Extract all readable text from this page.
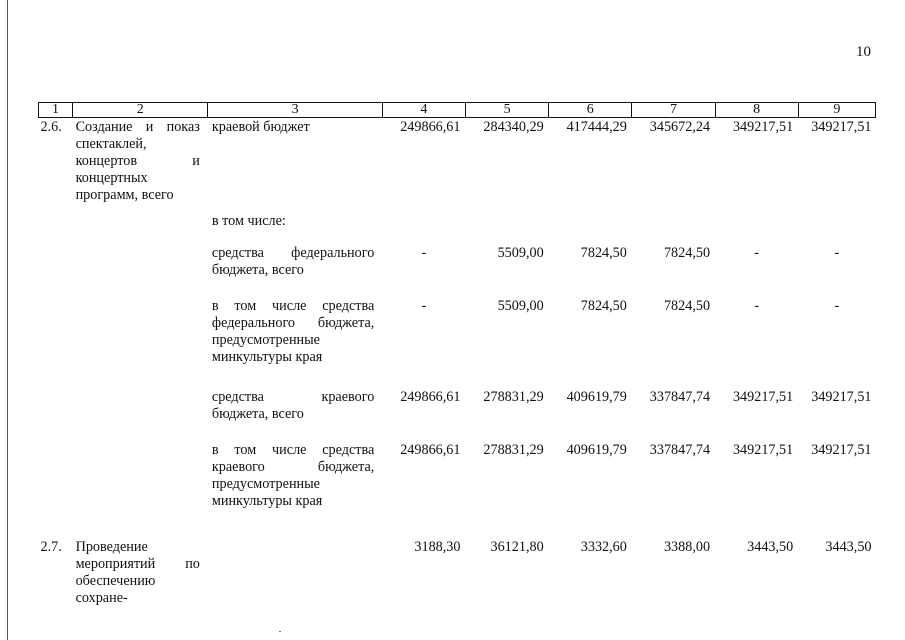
10
1	2	3	4	5	6	7	8	9
2.6.	Создание и показ спектаклей, концертов и концертных программ, всего	краевой бюджет	249866,61	284340,29	417444,29	345672,24	349217,51	349217,51

		в том числе:						

		средства федерального бюджета, всего	-	5509,00	7824,50	7824,50	-	-

		в том числе средства федерального бюджета, предусмотренные минкультуры края	-	5509,00	7824,50	7824,50	-	-

		средства краевого бюджета, всего	249866,61	278831,29	409619,79	337847,74	349217,51	349217,51

		в том числе средства краевого бюджета, предусмотренные минкультуры края	249866,61	278831,29	409619,79	337847,74	349217,51	349217,51

2.7.	Проведение мероприятий по обеспечению сохране-		3188,30	36121,80	3332,60	3388,00	3443,50	3443,50
